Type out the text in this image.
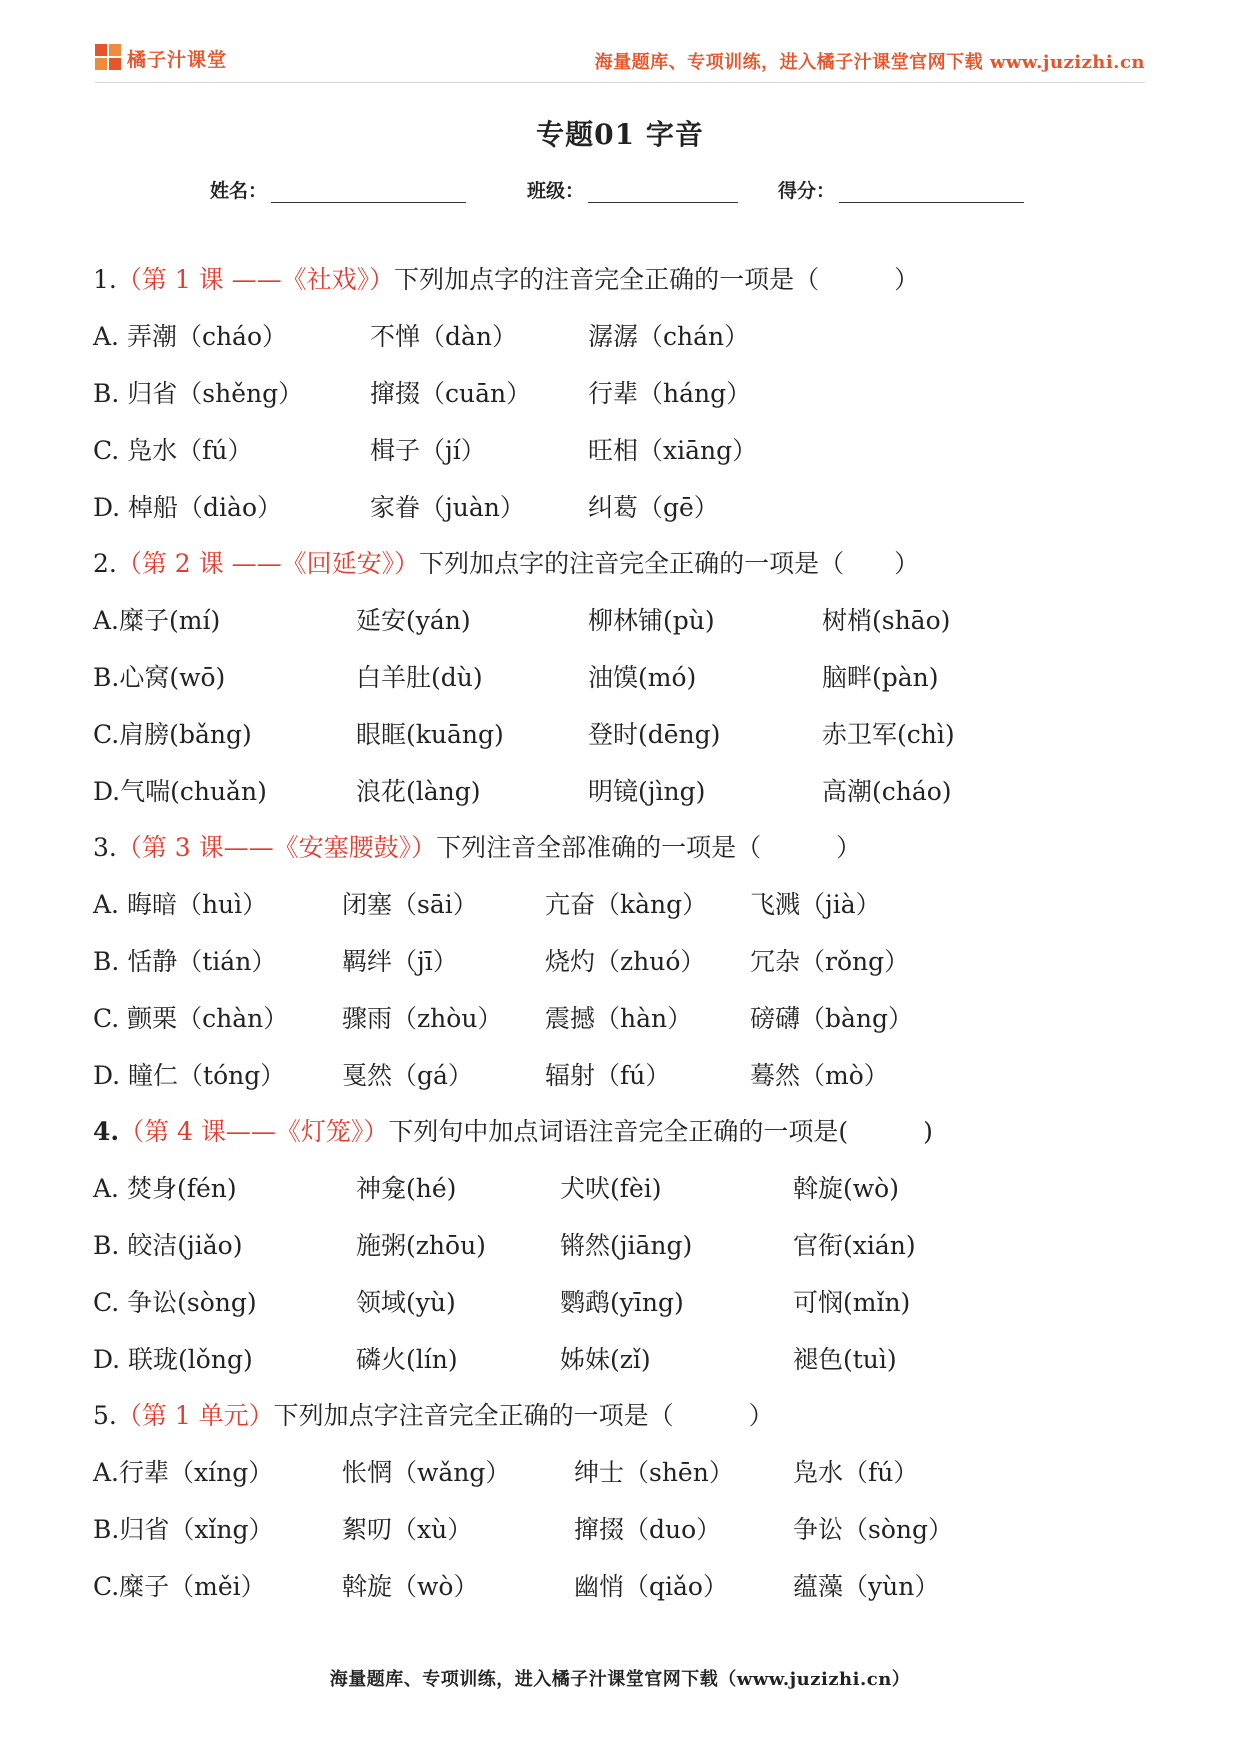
橘子汁课堂	海量题库、专项训练，进入橘子汁课堂官网下载 www.juzizhi.cn
专题01 字音
姓名：	班级：	得分：
1.（第 1 课 ——《社戏》）下列加点字的注音完全正确的一项是（　　　）
A. 弄潮（cháo）	不惮（dàn）	潺潺（chán）
B. 归省（shěng）	撺掇（cuān） 行辈（háng）
C. 凫水（fú）	楫子（jí）	旺相（xiāng）
D. 棹船（diào）	家眷（juàn）	纠葛（gē）
2.（第 2 课 ——《回延安》）下列加点字的注音完全正确的一项是（　　）
A.糜子(mí)	延安(yán)	柳林铺(pù)	树梢(shāo)
B.心窝(wō)	白羊肚(dù)	油馍(mó)	脑畔(pàn)
C.肩膀(bǎng)	眼眶(kuāng)	登时(dēng)	赤卫军(chì)
D.气喘(chuǎn)	浪花(làng)	明镜(jìng)	高潮(cháo)
3.（第 3 课——《安塞腰鼓》）下列注音全部准确的一项是（　　　）
A. 晦暗（huì）	闭塞（sāi）	亢奋（kàng） 飞溅（jià）
B. 恬静（tián）	羁绊（jī）	烧灼（zhuó） 冗杂（rǒng）
C. 颤栗（chàn） 骤雨（zhòu） 震撼（hàn） 磅礴（bàng）
D. 瞳仁（tóng） 戛然（gá）	辐射（fú）	蓦然（mò）
4.（第 4 课——《灯笼》）下列句中加点词语注音完全正确的一项是(　　　)
A. 焚身(fén)	神龛(hé)	犬吠(fèi)	斡旋(wò)
B. 皎洁(jiǎo)	施粥(zhōu)	锵然(jiāng)	官衔(xián)
C. 争讼(sòng)	领域(yù)	鹦鹉(yīng)	可悯(mǐn)
D. 联珑(lǒng)	磷火(lín)	姊妹(zǐ)	褪色(tuì)
5.（第 1 单元）下列加点字注音完全正确的一项是（　　　）
A.行辈（xíng）	怅惘（wǎng）	绅士（shēn） 凫水（fú）
B.归省（xǐng）	絮叨（xù）	撺掇（duo）	争讼（sòng）
C.糜子（měi）	斡旋（wò）	幽悄（qiǎo）	蕴藻（yùn）
海量题库、专项训练，进入橘子汁课堂官网下载（www.juzizhi.cn）
